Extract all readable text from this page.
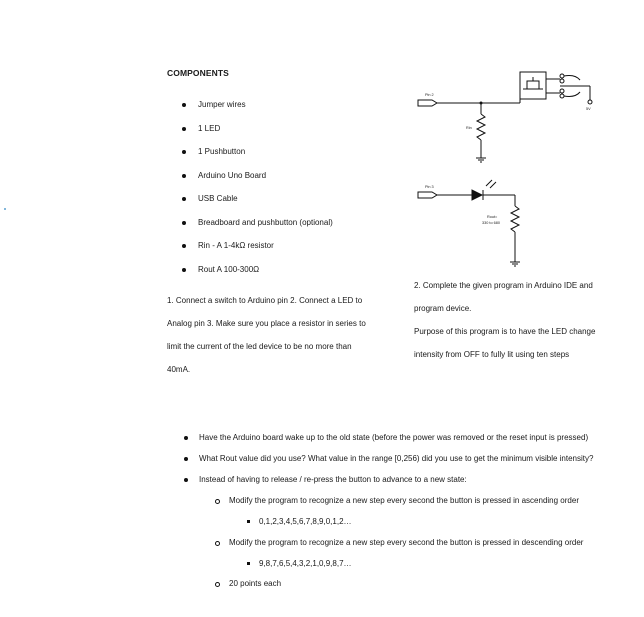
COMPONENTS
Jumper wires
1 LED
1 Pushbutton
Arduino Uno Board
USB Cable
Breadboard and pushbutton (optional)
Rin - A 1-4kΩ resistor
Rout A 100-300Ω
1. Connect a switch to Arduino pin 2. Connect a LED to
Analog pin 3. Make sure you place a resistor in series to
limit the current of the led device to be no more than
40mA.
2. Complete the given program in Arduino IDE and
program device.
Purpose of this program is to have the LED change
intensity from OFF to fully lit using ten steps
Pin 2
Pin 3
Rin
Rout=
330 to 680
5V
Have the Arduino board wake up to the old state (before the power was removed or the reset input is pressed)
What Rout value did you use? What value in the range [0,256) did you use to get the minimum visible intensity?
Instead of having to release / re-press the button to advance to a new state:
Modify the program to recognize a new step every second the button is pressed in ascending order
0,1,2,3,4,5,6,7,8,9,0,1,2…
Modify the program to recognize a new step every second the button is pressed in descending order
9,8,7,6,5,4,3,2,1,0,9,8,7…
20 points each
